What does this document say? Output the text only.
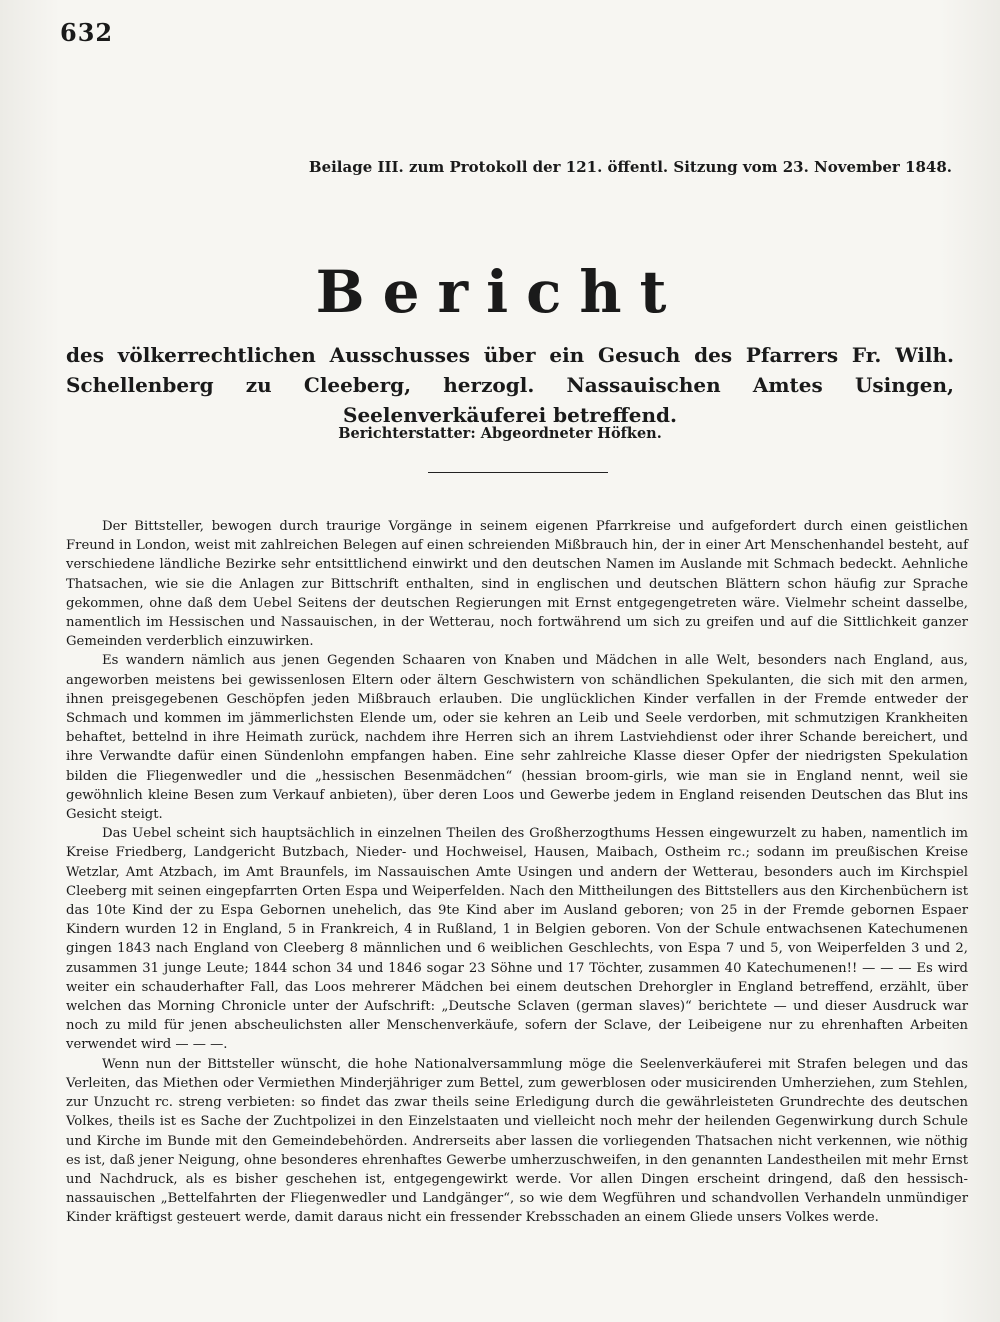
632
Beilage III. zum Protokoll der 121. öffentl. Sitzung vom 23. November 1848.
Bericht
des völkerrechtlichen Ausschusses über ein Gesuch des Pfarrers Fr. Wilh. Schellenberg zu Cleeberg, herzogl. Nassauischen Amtes Usingen, Seelenverkäuferei betreffend.
Berichterstatter: Abgeordneter Höfken.

Der Bittsteller, bewogen durch traurige Vorgänge in seinem eigenen Pfarrkreise und aufgefordert durch einen geistlichen Freund in London, weist mit zahlreichen Belegen auf einen schreienden Mißbrauch hin, der in einer Art Menschenhandel besteht, auf verschiedene ländliche Bezirke sehr entsittlichend einwirkt und den deutschen Namen im Auslande mit Schmach bedeckt. Aehnliche Thatsachen, wie sie die Anlagen zur Bittschrift enthalten, sind in englischen und deutschen Blättern schon häufig zur Sprache gekommen, ohne daß dem Uebel Seitens der deutschen Regierungen mit Ernst entgegengetreten wäre. Vielmehr scheint dasselbe, namentlich im Hessischen und Nassauischen, in der Wetterau, noch fortwährend um sich zu greifen und auf die Sittlichkeit ganzer Gemeinden verderblich einzuwirken.

Es wandern nämlich aus jenen Gegenden Schaaren von Knaben und Mädchen in alle Welt, besonders nach England, aus, angeworben meistens bei gewissenlosen Eltern oder ältern Geschwistern von schändlichen Spekulanten, die sich mit den armen, ihnen preisgegebenen Geschöpfen jeden Mißbrauch erlauben. Die unglücklichen Kinder verfallen in der Fremde entweder der Schmach und kommen im jämmerlichsten Elende um, oder sie kehren an Leib und Seele verdorben, mit schmutzigen Krankheiten behaftet, bettelnd in ihre Heimath zurück, nachdem ihre Herren sich an ihrem Lastviehdienst oder ihrer Schande bereichert, und ihre Verwandte dafür einen Sündenlohn empfangen haben. Eine sehr zahlreiche Klasse dieser Opfer der niedrigsten Spekulation bilden die Fliegenwedler und die „hessischen Besenmädchen“ (hessian broom-girls, wie man sie in England nennt, weil sie gewöhnlich kleine Besen zum Verkauf anbieten), über deren Loos und Gewerbe jedem in England reisenden Deutschen das Blut ins Gesicht steigt.

Das Uebel scheint sich hauptsächlich in einzelnen Theilen des Großherzogthums Hessen eingewurzelt zu haben, namentlich im Kreise Friedberg, Landgericht Butzbach, Nieder- und Hochweisel, Hausen, Maibach, Ostheim rc.; sodann im preußischen Kreise Wetzlar, Amt Atzbach, im Amt Braunfels, im Nassauischen Amte Usingen und andern der Wetterau, besonders auch im Kirchspiel Cleeberg mit seinen eingepfarrten Orten Espa und Weiperfelden. Nach den Mittheilungen des Bittstellers aus den Kirchenbüchern ist das 10te Kind der zu Espa Gebornen unehelich, das 9te Kind aber im Ausland geboren; von 25 in der Fremde gebornen Espaer Kindern wurden 12 in England, 5 in Frankreich, 4 in Rußland, 1 in Belgien geboren. Von der Schule entwachsenen Katechumenen gingen 1843 nach England von Cleeberg 8 männlichen und 6 weiblichen Geschlechts, von Espa 7 und 5, von Weiperfelden 3 und 2, zusammen 31 junge Leute; 1844 schon 34 und 1846 sogar 23 Söhne und 17 Töchter, zusammen 40 Katechumenen!! — — — Es wird weiter ein schauderhafter Fall, das Loos mehrerer Mädchen bei einem deutschen Drehorgler in England betreffend, erzählt, über welchen das Morning Chronicle unter der Aufschrift: „Deutsche Sclaven (german slaves)“ berichtete — und dieser Ausdruck war noch zu mild für jenen abscheulichsten aller Menschenverkäufe, sofern der Sclave, der Leibeigene nur zu ehrenhaften Arbeiten verwendet wird — — —.

Wenn nun der Bittsteller wünscht, die hohe Nationalversammlung möge die Seelenverkäuferei mit Strafen belegen und das Verleiten, das Miethen oder Vermiethen Minderjähriger zum Bettel, zum gewerblosen oder musicirenden Umherziehen, zum Stehlen, zur Unzucht rc. streng verbieten: so findet das zwar theils seine Erledigung durch die gewährleisteten Grundrechte des deutschen Volkes, theils ist es Sache der Zuchtpolizei in den Einzelstaaten und vielleicht noch mehr der heilenden Gegenwirkung durch Schule und Kirche im Bunde mit den Gemeindebehörden. Andrerseits aber lassen die vorliegenden Thatsachen nicht verkennen, wie nöthig es ist, daß jener Neigung, ohne besonderes ehrenhaftes Gewerbe umherzuschweifen, in den genannten Landestheilen mit mehr Ernst und Nachdruck, als es bisher geschehen ist, entgegengewirkt werde. Vor allen Dingen erscheint dringend, daß den hessisch-nassauischen „Bettelfahrten der Fliegenwedler und Landgänger“, so wie dem Wegführen und schandvollen Verhandeln unmündiger Kinder kräftigst gesteuert werde, damit daraus nicht ein fressender Krebsschaden an einem Gliede unsers Volkes werde.
